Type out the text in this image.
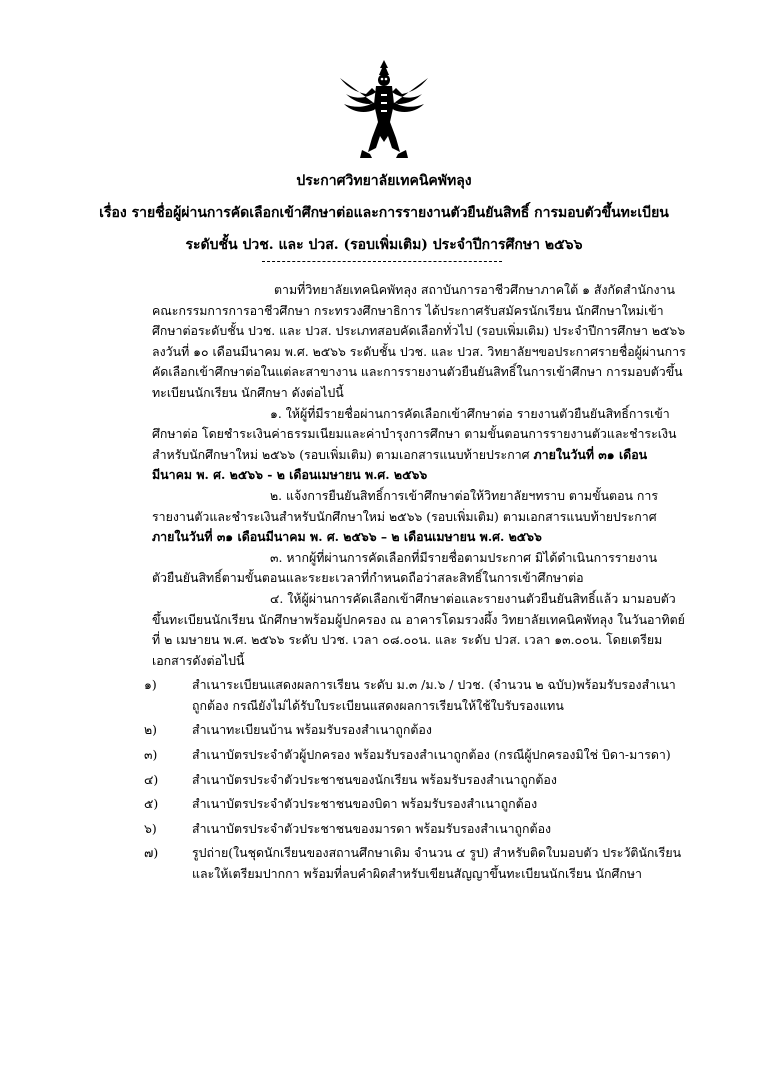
ประกาศวิทยาลัยเทคนิคพัทลุง
เรื่อง รายชื่อผู้ผ่านการคัดเลือกเข้าศึกษาต่อและการรายงานตัวยืนยันสิทธิ์ การมอบตัวขึ้นทะเบียน
ระดับชั้น ปวช. และ ปวส. (รอบเพิ่มเติม) ประจำปีการศึกษา ๒๕๖๖

ตามที่วิทยาลัยเทคนิคพัทลุง สถาบันการอาชีวศึกษาภาคใต้ ๑ สังกัดสำนักงานคณะกรรมการการอาชีวศึกษา กระทรวงศึกษาธิการ ได้ประกาศรับสมัครนักเรียน นักศึกษาใหม่เข้าศึกษาต่อระดับชั้น ปวช. และ ปวส. ประเภทสอบคัดเลือกทั่วไป (รอบเพิ่มเติม) ประจำปีการศึกษา ๒๕๖๖ ลงวันที่ ๑๐ เดือนมีนาคม พ.ศ. ๒๕๖๖ ระดับชั้น ปวช. และ ปวส. วิทยาลัยฯขอประกาศรายชื่อผู้ผ่านการคัดเลือกเข้าศึกษาต่อในแต่ละสาขางาน และการรายงานตัวยืนยันสิทธิ์ในการเข้าศึกษา การมอบตัวขึ้นทะเบียนนักเรียน นักศึกษา ดังต่อไปนี้

๑. ให้ผู้ที่มีรายชื่อผ่านการคัดเลือกเข้าศึกษาต่อ รายงานตัวยืนยันสิทธิ์การเข้าศึกษาต่อ โดยชำระเงินค่าธรรมเนียมและค่าบำรุงการศึกษา ตามขั้นตอนการรายงานตัวและชำระเงินสำหรับนักศึกษาใหม่ ๒๕๖๖ (รอบเพิ่มเติม) ตามเอกสารแนบท้ายประกาศ ภายในวันที่ ๓๑ เดือนมีนาคม พ. ศ. ๒๕๖๖ - ๒ เดือนเมษายน พ.ศ. ๒๕๖๖

๒. แจ้งการยืนยันสิทธิ์การเข้าศึกษาต่อให้วิทยาลัยฯทราบ ตามขั้นตอน การรายงานตัวและชำระเงินสำหรับนักศึกษาใหม่ ๒๕๖๖ (รอบเพิ่มเติม) ตามเอกสารแนบท้ายประกาศ ภายในวันที่ ๓๑ เดือนมีนาคม พ. ศ. ๒๕๖๖ – ๒ เดือนเมษายน พ.ศ. ๒๕๖๖

๓. หากผู้ที่ผ่านการคัดเลือกที่มีรายชื่อตามประกาศ มิได้ดำเนินการรายงานตัวยืนยันสิทธิ์ตามขั้นตอนและระยะเวลาที่กำหนดถือว่าสละสิทธิ์ในการเข้าศึกษาต่อ

๔. ให้ผู้ผ่านการคัดเลือกเข้าศึกษาต่อและรายงานตัวยืนยันสิทธิ์แล้ว มามอบตัว ขึ้นทะเบียนนักเรียน นักศึกษาพร้อมผู้ปกครอง ณ อาคารโดมรวงผึ้ง วิทยาลัยเทคนิคพัทลุง ในวันอาทิตย์ที่ ๒ เมษายน พ.ศ. ๒๕๖๖ ระดับ ปวช. เวลา ๐๘.๐๐น. และ ระดับ ปวส. เวลา ๑๓.๐๐น. โดยเตรียมเอกสารดังต่อไปนี้

๑)	สำเนาระเบียนแสดงผลการเรียน ระดับ ม.๓ /ม.๖ / ปวช. (จำนวน ๒ ฉบับ)พร้อมรับรองสำเนาถูกต้อง กรณียังไม่ได้รับใบระเบียนแสดงผลการเรียนให้ใช้ใบรับรองแทน
๒)	สำเนาทะเบียนบ้าน พร้อมรับรองสำเนาถูกต้อง
๓)	สำเนาบัตรประจำตัวผู้ปกครอง พร้อมรับรองสำเนาถูกต้อง (กรณีผู้ปกครองมิใช่ บิดา-มารดา)
๔)	สำเนาบัตรประจำตัวประชาชนของนักเรียน พร้อมรับรองสำเนาถูกต้อง
๕)	สำเนาบัตรประจำตัวประชาชนของบิดา พร้อมรับรองสำเนาถูกต้อง
๖)	สำเนาบัตรประจำตัวประชาชนของมารดา พร้อมรับรองสำเนาถูกต้อง
๗)	รูปถ่าย(ในชุดนักเรียนของสถานศึกษาเดิม จำนวน ๔ รูป) สำหรับติดใบมอบตัว ประวัตินักเรียน และให้เตรียมปากกา พร้อมที่ลบคำผิดสำหรับเขียนสัญญาขึ้นทะเบียนนักเรียน นักศึกษา
